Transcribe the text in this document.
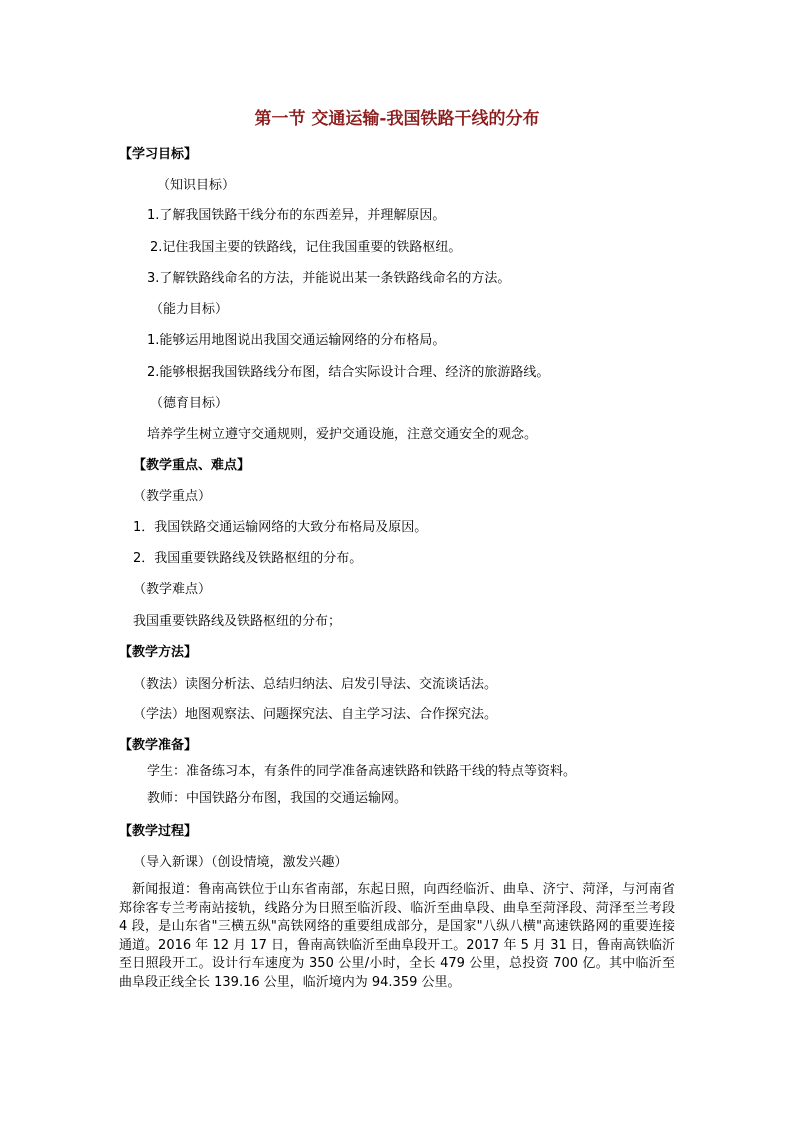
第一节 交通运输-我国铁路干线的分布
【学习目标】
（知识目标）
1.了解我国铁路干线分布的东西差异，并理解原因。
2.记住我国主要的铁路线，记住我国重要的铁路枢纽。
3.了解铁路线命名的方法，并能说出某一条铁路线命名的方法。
（能力目标）
1.能够运用地图说出我国交通运输网络的分布格局。
2.能够根据我国铁路线分布图，结合实际设计合理、经济的旅游路线。
（德育目标）
培养学生树立遵守交通规则，爱护交通设施，注意交通安全的观念。
【教学重点、难点】
（教学重点）
1．我国铁路交通运输网络的大致分布格局及原因。
2．我国重要铁路线及铁路枢纽的分布。
（教学难点）
我国重要铁路线及铁路枢纽的分布；
【教学方法】
（教法）读图分析法、总结归纳法、启发引导法、交流谈话法。
（学法）地图观察法、问题探究法、自主学习法、合作探究法。
【教学准备】
学生：准备练习本，有条件的同学准备高速铁路和铁路干线的特点等资料。
教师：中国铁路分布图，我国的交通运输网。
【教学过程】
（导入新课）（创设情境，激发兴趣）
新闻报道：鲁南高铁位于山东省南部，东起日照，向西经临沂、曲阜、济宁、菏泽，与河南省郑徐客专兰考南站接轨，线路分为日照至临沂段、临沂至曲阜段、曲阜至菏泽段、菏泽至兰考段 4 段，是山东省"三横五纵"高铁网络的重要组成部分，是国家"八纵八横"高速铁路网的重要连接通道。2016 年 12 月 17 日，鲁南高铁临沂至曲阜段开工。2017 年 5 月 31 日，鲁南高铁临沂至日照段开工。设计行车速度为 350 公里/小时，全长 479 公里，总投资 700 亿。其中临沂至曲阜段正线全长 139.16 公里，临沂境内为 94.359 公里。
